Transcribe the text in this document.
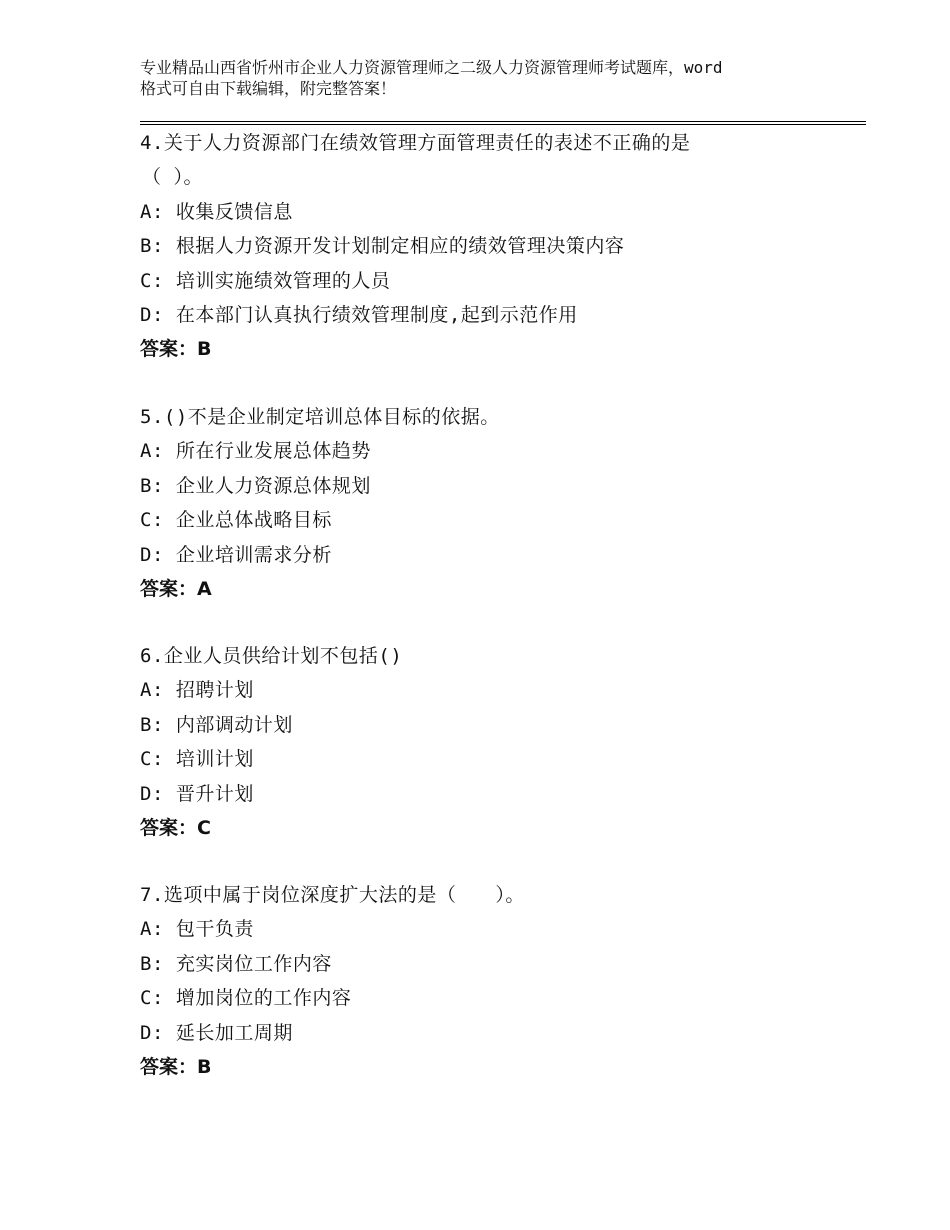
专业精品山西省忻州市企业人力资源管理师之二级人力资源管理师考试题库，word
格式可自由下载编辑，附完整答案！
4.关于人力资源部门在绩效管理方面管理责任的表述不正确的是
（ ）。
A: 收集反馈信息
B: 根据人力资源开发计划制定相应的绩效管理决策内容
C: 培训实施绩效管理的人员
D: 在本部门认真执行绩效管理制度,起到示范作用
答案：B
5.()不是企业制定培训总体目标的依据。
A: 所在行业发展总体趋势
B: 企业人力资源总体规划
C: 企业总体战略目标
D: 企业培训需求分析
答案：A
6.企业人员供给计划不包括()
A: 招聘计划
B: 内部调动计划
C: 培训计划
D: 晋升计划
答案：C
7.选项中属于岗位深度扩大法的是（　　）。
A: 包干负责
B: 充实岗位工作内容
C: 增加岗位的工作内容
D: 延长加工周期
答案：B
